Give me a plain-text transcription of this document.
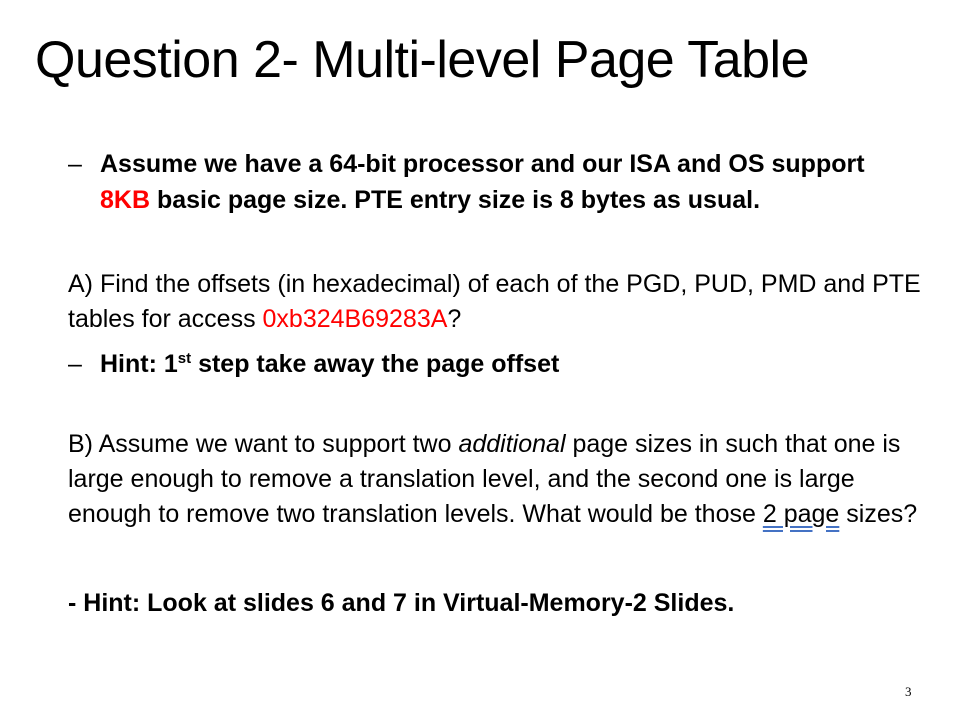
Question 2- Multi-level Page Table
– Assume we have a 64-bit processor and our ISA and OS support 8KB basic page size. PTE entry size is 8 bytes as usual.
A) Find the offsets (in hexadecimal) of each of the PGD, PUD, PMD and PTE tables for access 0xb324B69283A?
– Hint: 1st step take away the page offset
B) Assume we want to support two additional page sizes in such that one is large enough to remove a translation level, and the second one is large enough to remove two translation levels. What would be those 2 page sizes?
- Hint: Look at slides 6 and 7 in Virtual-Memory-2 Slides.
3
